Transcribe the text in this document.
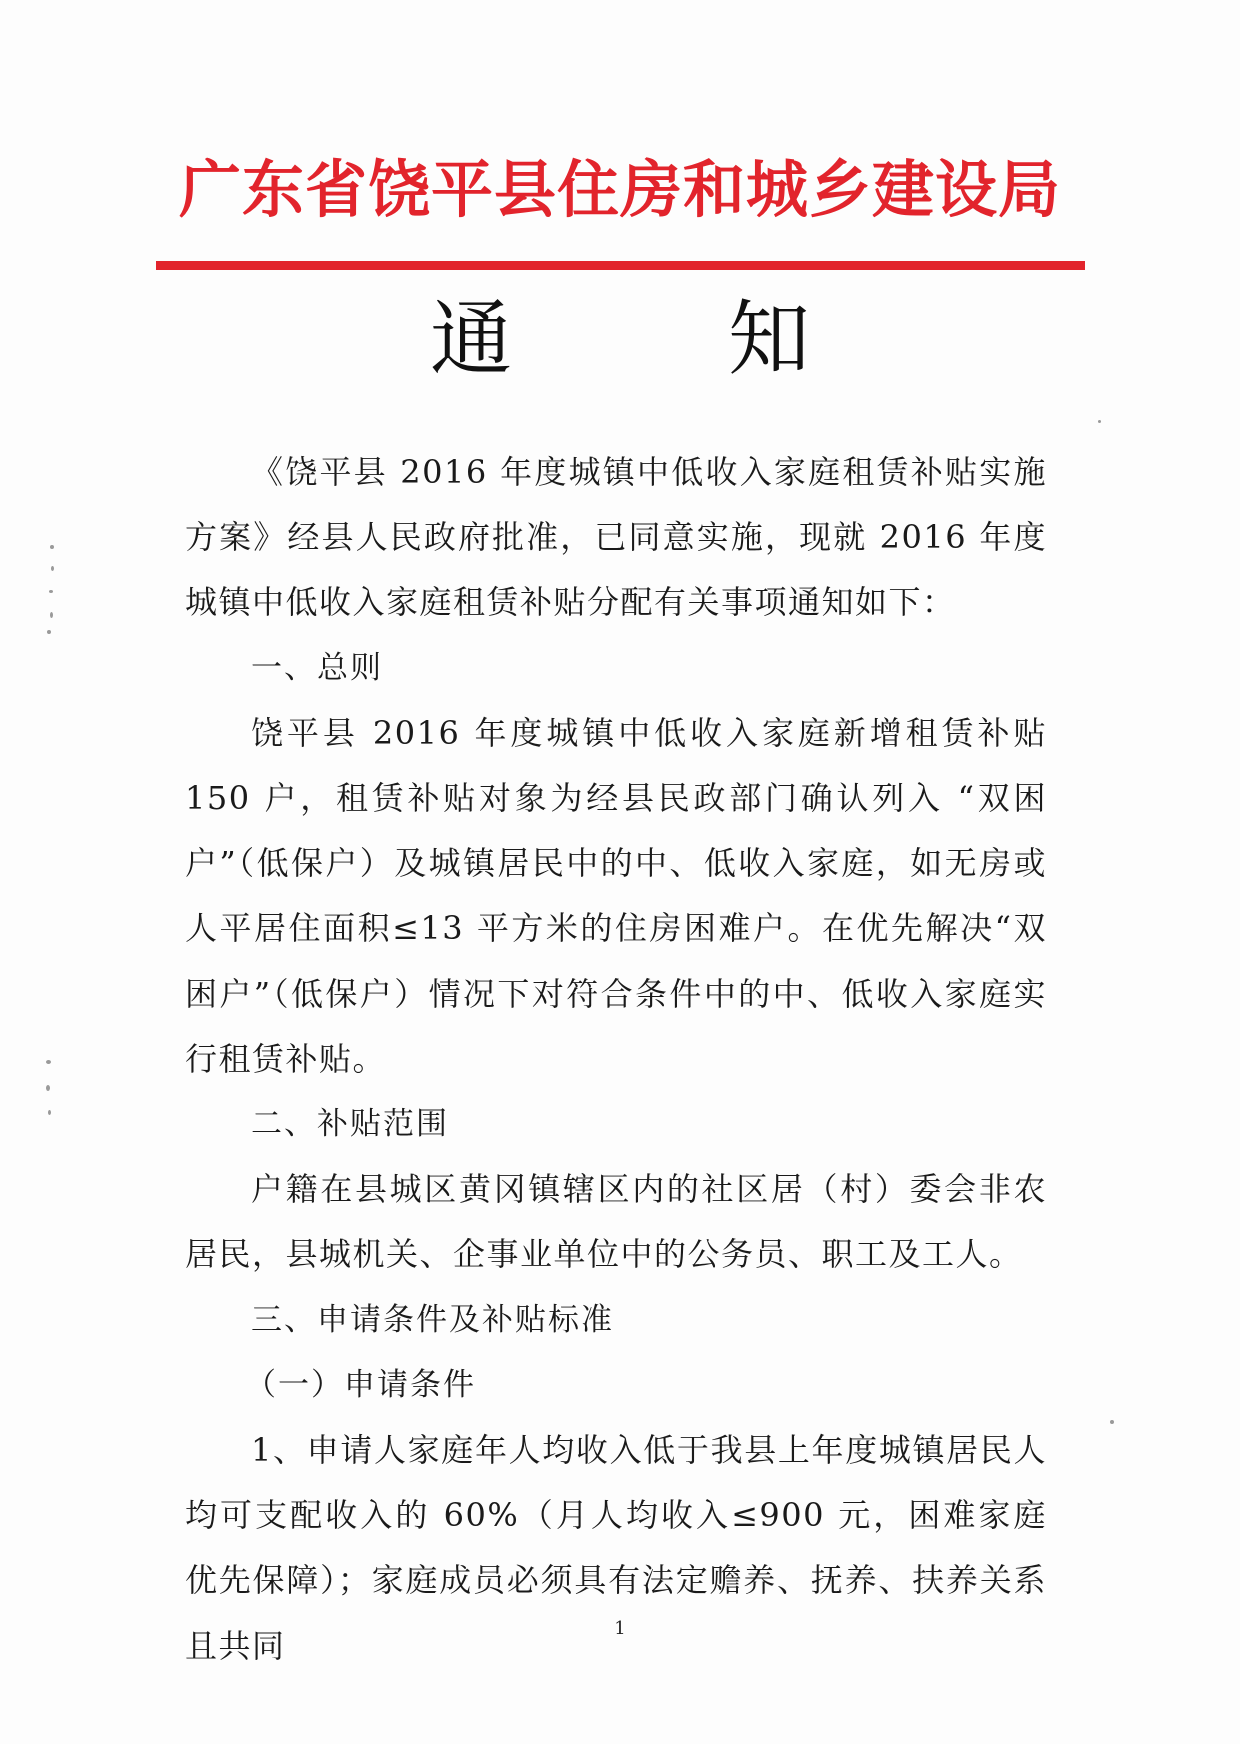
广东省饶平县住房和城乡建设局
通	知

《饶平县 2016 年度城镇中低收入家庭租赁补贴实施方案》经县人民政府批准，已同意实施，现就 2016 年度城镇中低收入家庭租赁补贴分配有关事项通知如下：

一、总则

饶平县 2016 年度城镇中低收入家庭新增租赁补贴 150 户，租赁补贴对象为经县民政部门确认列入 “双困户”（低保户）及城镇居民中的中、低收入家庭，如无房或人平居住面积≤13 平方米的住房困难户。在优先解决“双困户”（低保户）情况下对符合条件中的中、低收入家庭实行租赁补贴。

二、补贴范围

户籍在县城区黄冈镇辖区内的社区居（村）委会非农居民，县城机关、企事业单位中的公务员、职工及工人。

三、申请条件及补贴标准

（一）申请条件

1、申请人家庭年人均收入低于我县上年度城镇居民人均可支配收入的 60%（月人均收入≤900 元，困难家庭优先保障）；家庭成员必须具有法定赡养、抚养、扶养关系且共同	1
